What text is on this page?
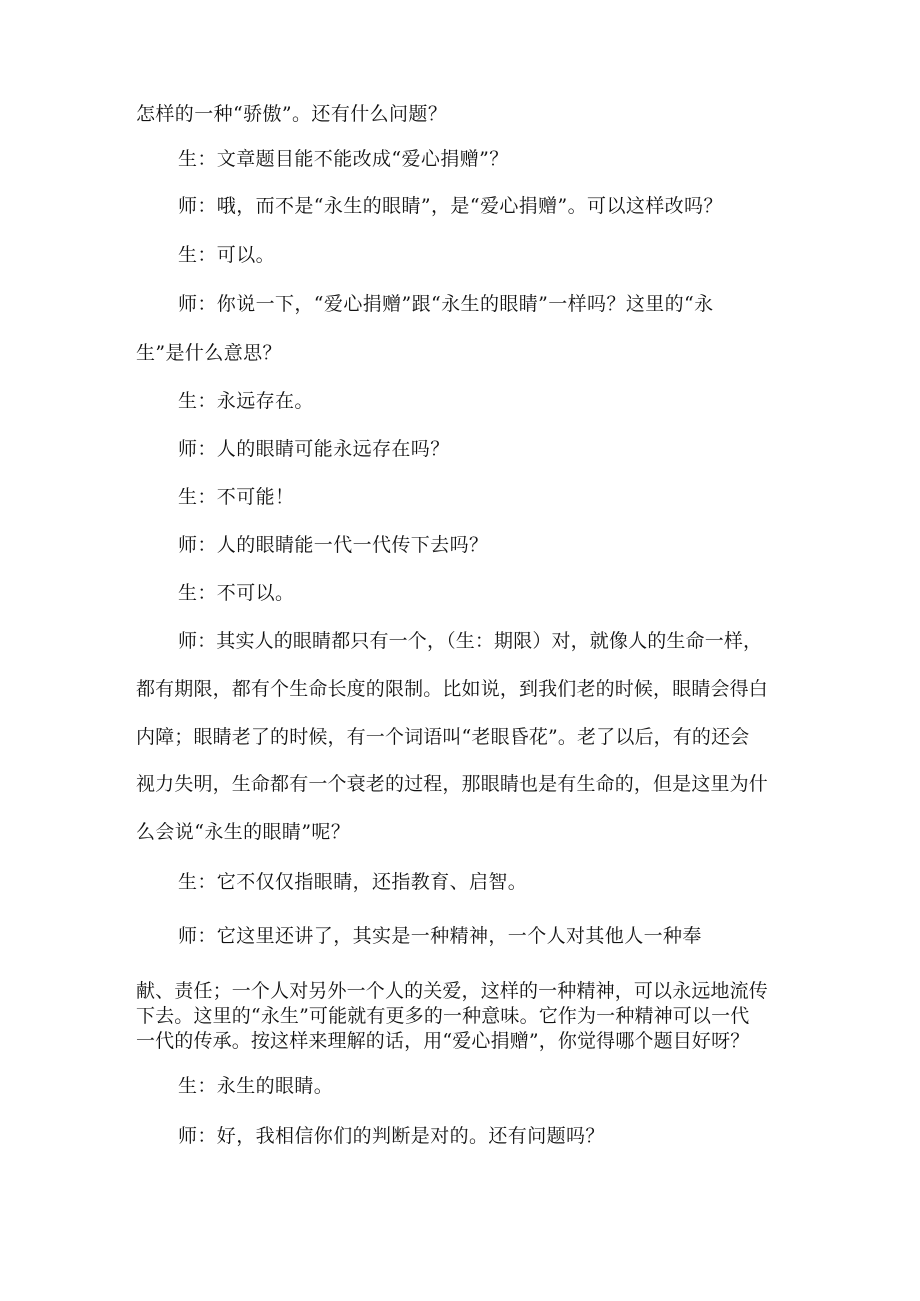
怎样的一种“骄傲”。还有什么问题？
生：文章题目能不能改成“爱心捐赠”？
师：哦，而不是“永生的眼睛”，是“爱心捐赠”。可以这样改吗？
生：可以。
师：你说一下，“爱心捐赠”跟“永生的眼睛”一样吗？这里的“永
生”是什么意思？
生：永远存在。
师：人的眼睛可能永远存在吗？
生：不可能！
师：人的眼睛能一代一代传下去吗？
生：不可以。
师：其实人的眼睛都只有一个，（生：期限）对，就像人的生命一样，
都有期限，都有个生命长度的限制。比如说，到我们老的时候，眼睛会得白
内障；眼睛老了的时候，有一个词语叫“老眼昏花”。老了以后，有的还会
视力失明，生命都有一个衰老的过程，那眼睛也是有生命的，但是这里为什
么会说“永生的眼睛”呢？
生：它不仅仅指眼睛，还指教育、启智。
师：它这里还讲了，其实是一种精神，一个人对其他人一种奉
献、责任；一个人对另外一个人的关爱，这样的一种精神，可以永远地流传
下去。这里的“永生”可能就有更多的一种意味。它作为一种精神可以一代
一代的传承。按这样来理解的话，用“爱心捐赠”，你觉得哪个题目好呀？
生：永生的眼睛。
师：好，我相信你们的判断是对的。还有问题吗？
